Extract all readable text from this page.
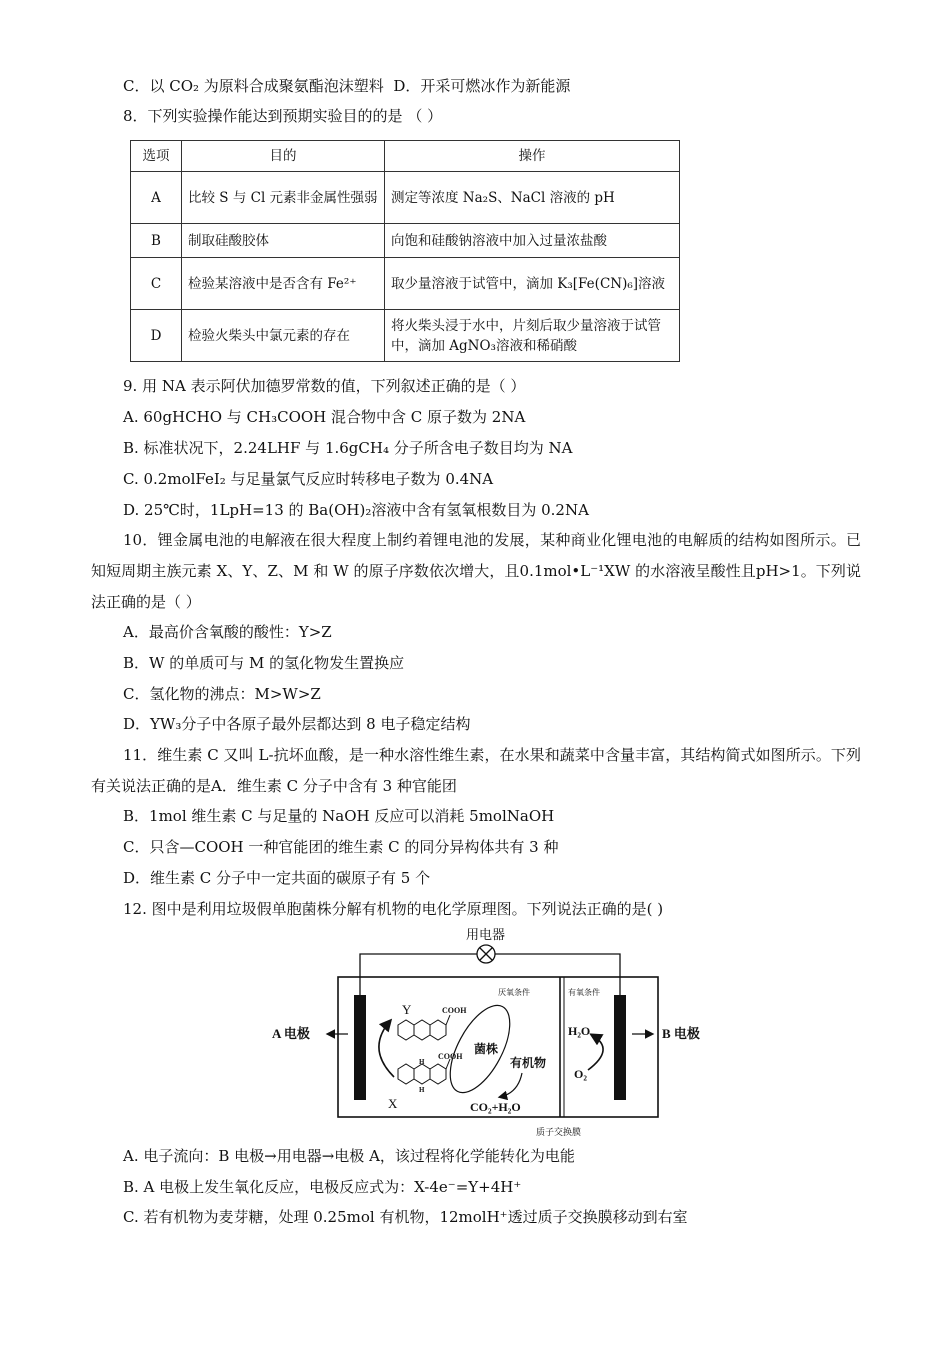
C．以 CO₂ 为原料合成聚氨酯泡沫塑料 D．开采可燃冰作为新能源
8．下列实验操作能达到预期实验目的的是 （ ）
选项	目的	操作
A	比较 S 与 Cl 元素非金属性强弱	测定等浓度 Na₂S、NaCl 溶液的 pH
B	制取硅酸胶体	向饱和硅酸钠溶液中加入过量浓盐酸
C	检验某溶液中是否含有 Fe²⁺	取少量溶液于试管中，滴加 K₃[Fe(CN)₆]溶液
D	检验火柴头中氯元素的存在	将火柴头浸于水中，片刻后取少量溶液于试管中，滴加 AgNO₃溶液和稀硝酸
9. 用 NA 表示阿伏加德罗常数的值，下列叙述正确的是（ ）
A. 60gHCHO 与 CH₃COOH 混合物中含 C 原子数为 2NA
B. 标准状况下，2.24LHF 与 1.6gCH₄ 分子所含电子数目均为 NA
C. 0.2molFeI₂ 与足量氯气反应时转移电子数为 0.4NA
D. 25℃时，1LpH=13 的 Ba(OH)₂溶液中含有氢氧根数目为 0.2NA
10．锂金属电池的电解液在很大程度上制约着锂电池的发展，某种商业化锂电池的电解质的结构如图所示。已知短周期主族元素 X、Y、Z、M 和 W 的原子序数依次增大，且0.1mol•L⁻¹XW 的水溶液呈酸性且pH>1。下列说法正确的是（ ）
A．最高价含氧酸的酸性：Y>Z
B．W 的单质可与 M 的氢化物发生置换应
C．氢化物的沸点：M>W>Z
D．YW₃分子中各原子最外层都达到 8 电子稳定结构
11．维生素 C 又叫 L-抗坏血酸，是一种水溶性维生素，在水果和蔬菜中含量丰富，其结构简式如图所示。下列有关说法正确的是A．维生素 C 分子中含有 3 种官能团
B．1mol 维生素 C 与足量的 NaOH 反应可以消耗 5molNaOH
C．只含—COOH 一种官能团的维生素 C 的同分异构体共有 3 种
D．维生素 C 分子中一定共面的碳原子有 5 个
12. 图中是利用垃圾假单胞菌株分解有机物的电化学原理图。下列说法正确的是( )
用电器
A 电极	B 电极
厌氧条件	有氧条件
Y	COOH
H
H
COOH
X
菌株
有机物
CO₂+H₂O
H₂O
O₂
质子交换膜
A. 电子流向：B 电极→用电器→电极 A，该过程将化学能转化为电能
B. A 电极上发生氧化反应，电极反应式为：X-4e⁻=Y+4H⁺
C. 若有机物为麦芽糖，处理 0.25mol 有机物，12molH⁺透过质子交换膜移动到右室
